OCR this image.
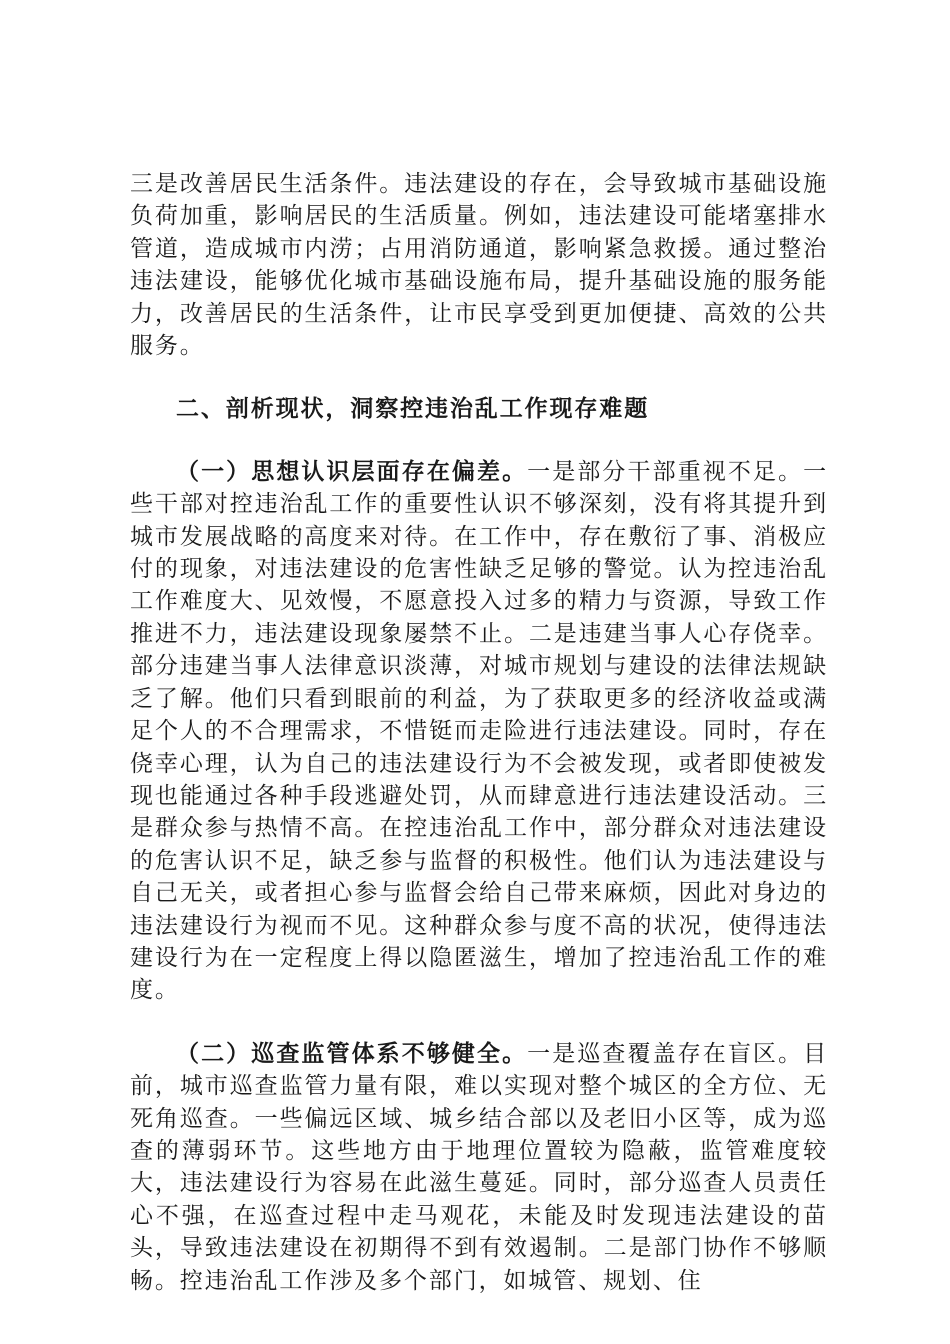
三是改善居民生活条件。违法建设的存在，会导致城市基础设施负荷加重，影响居民的生活质量。例如，违法建设可能堵塞排水管道，造成城市内涝；占用消防通道，影响紧急救援。通过整治违法建设，能够优化城市基础设施布局，提升基础设施的服务能力，改善居民的生活条件，让市民享受到更加便捷、高效的公共服务。

二、剖析现状，洞察控违治乱工作现存难题

（一）思想认识层面存在偏差。一是部分干部重视不足。一些干部对控违治乱工作的重要性认识不够深刻，没有将其提升到城市发展战略的高度来对待。在工作中，存在敷衍了事、消极应付的现象，对违法建设的危害性缺乏足够的警觉。认为控违治乱工作难度大、见效慢，不愿意投入过多的精力与资源，导致工作推进不力，违法建设现象屡禁不止。二是违建当事人心存侥幸。部分违建当事人法律意识淡薄，对城市规划与建设的法律法规缺乏了解。他们只看到眼前的利益，为了获取更多的经济收益或满足个人的不合理需求，不惜铤而走险进行违法建设。同时，存在侥幸心理，认为自己的违法建设行为不会被发现，或者即使被发现也能通过各种手段逃避处罚，从而肆意进行违法建设活动。三是群众参与热情不高。在控违治乱工作中，部分群众对违法建设的危害认识不足，缺乏参与监督的积极性。他们认为违法建设与自己无关，或者担心参与监督会给自己带来麻烦，因此对身边的违法建设行为视而不见。这种群众参与度不高的状况，使得违法建设行为在一定程度上得以隐匿滋生，增加了控违治乱工作的难度。

（二）巡查监管体系不够健全。一是巡查覆盖存在盲区。目前，城市巡查监管力量有限，难以实现对整个城区的全方位、无死角巡查。一些偏远区域、城乡结合部以及老旧小区等，成为巡查的薄弱环节。这些地方由于地理位置较为隐蔽，监管难度较大，违法建设行为容易在此滋生蔓延。同时，部分巡查人员责任心不强，在巡查过程中走马观花，未能及时发现违法建设的苗头，导致违法建设在初期得不到有效遏制。二是部门协作不够顺畅。控违治乱工作涉及多个部门，如城管、规划、住
